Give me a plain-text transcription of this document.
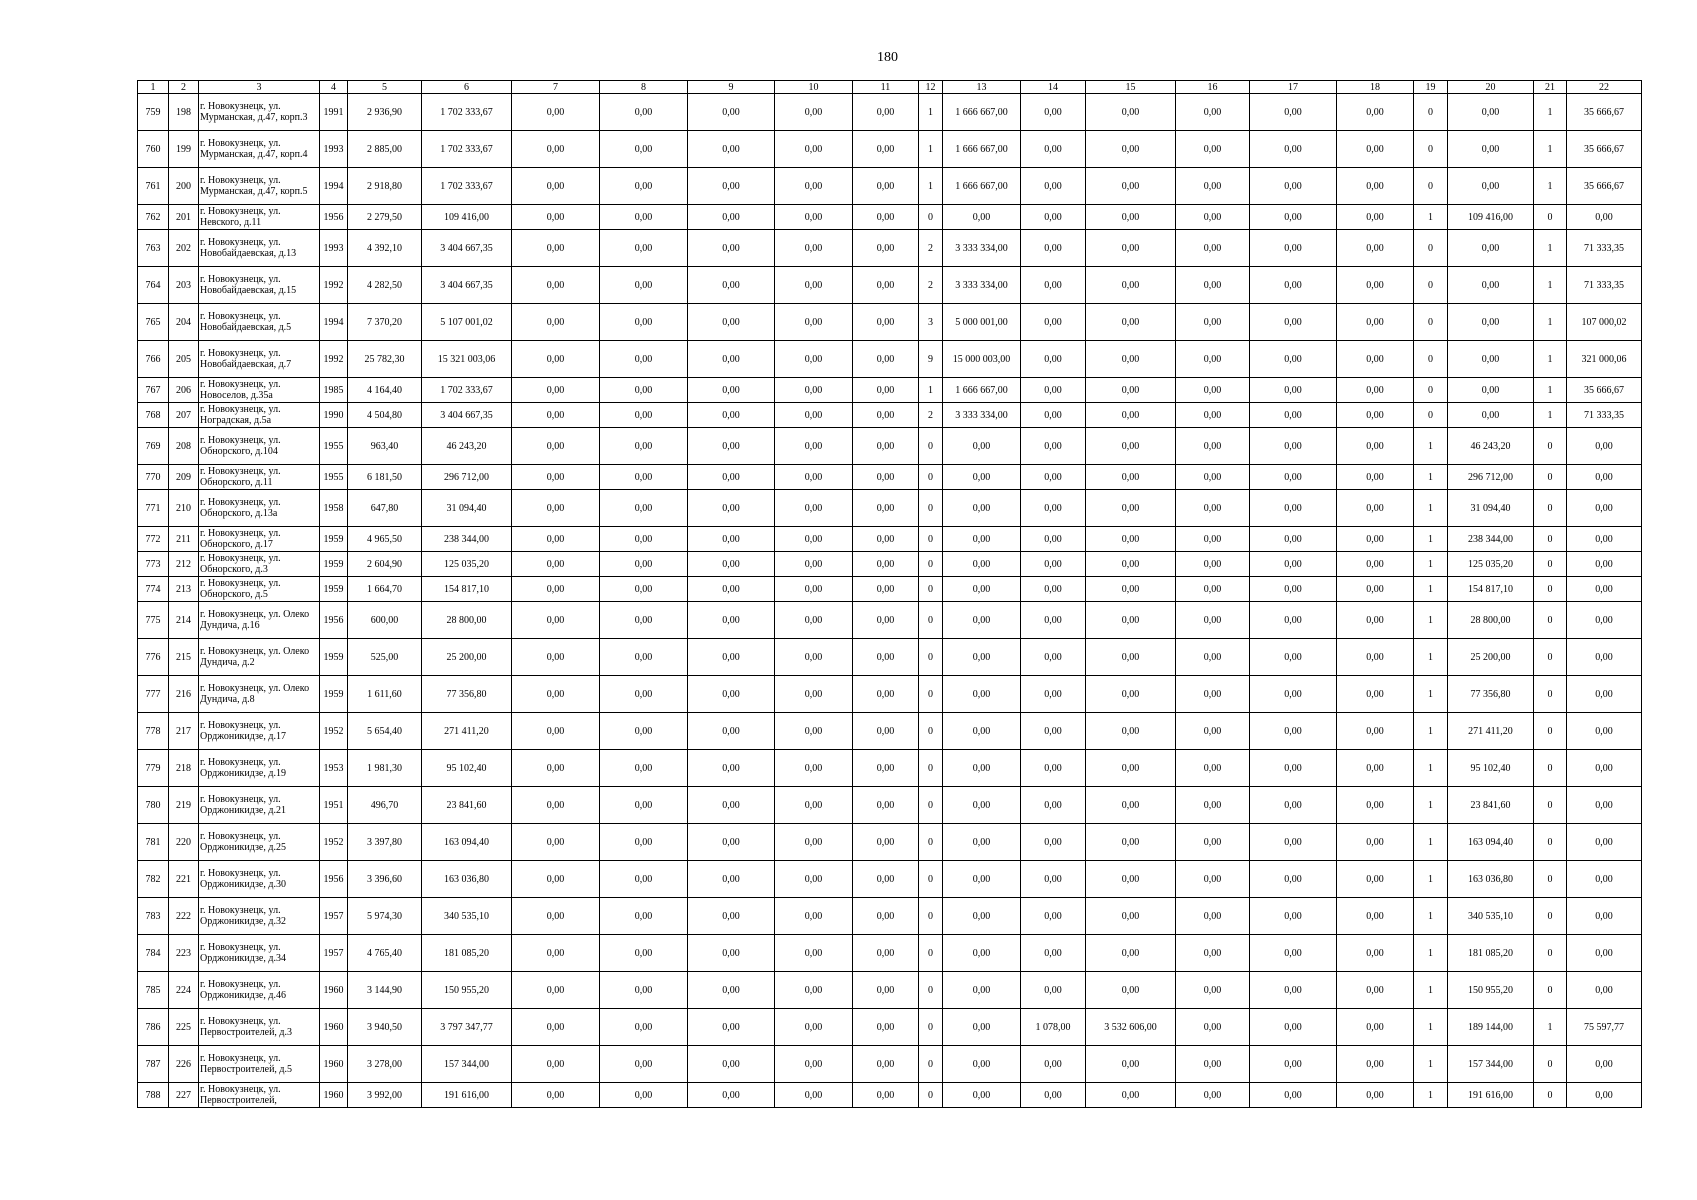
180
1	2	3	4	5	6	7	8	9	10	11	12	13	14	15	16	17	18	19	20	21	22
759	198	г. Новокузнецк, ул. Мурманская, д.47, корп.3	1991	2 936,90	1 702 333,67	0,00	0,00	0,00	0,00	0,00	1	1 666 667,00	0,00	0,00	0,00	0,00	0,00	0	0,00	1	35 666,67
760	199	г. Новокузнецк, ул. Мурманская, д.47, корп.4	1993	2 885,00	1 702 333,67	0,00	0,00	0,00	0,00	0,00	1	1 666 667,00	0,00	0,00	0,00	0,00	0,00	0	0,00	1	35 666,67
761	200	г. Новокузнецк, ул. Мурманская, д.47, корп.5	1994	2 918,80	1 702 333,67	0,00	0,00	0,00	0,00	0,00	1	1 666 667,00	0,00	0,00	0,00	0,00	0,00	0	0,00	1	35 666,67
762	201	г. Новокузнецк, ул. Невского, д.11	1956	2 279,50	109 416,00	0,00	0,00	0,00	0,00	0,00	0	0,00	0,00	0,00	0,00	0,00	0,00	1	109 416,00	0	0,00
763	202	г. Новокузнецк, ул. Новобайдаевская, д.13	1993	4 392,10	3 404 667,35	0,00	0,00	0,00	0,00	0,00	2	3 333 334,00	0,00	0,00	0,00	0,00	0,00	0	0,00	1	71 333,35
764	203	г. Новокузнецк, ул. Новобайдаевская, д.15	1992	4 282,50	3 404 667,35	0,00	0,00	0,00	0,00	0,00	2	3 333 334,00	0,00	0,00	0,00	0,00	0,00	0	0,00	1	71 333,35
765	204	г. Новокузнецк, ул. Новобайдаевская, д.5	1994	7 370,20	5 107 001,02	0,00	0,00	0,00	0,00	0,00	3	5 000 001,00	0,00	0,00	0,00	0,00	0,00	0	0,00	1	107 000,02
766	205	г. Новокузнецк, ул. Новобайдаевская, д.7	1992	25 782,30	15 321 003,06	0,00	0,00	0,00	0,00	0,00	9	15 000 003,00	0,00	0,00	0,00	0,00	0,00	0	0,00	1	321 000,06
767	206	г. Новокузнецк, ул. Новоселов, д.35а	1985	4 164,40	1 702 333,67	0,00	0,00	0,00	0,00	0,00	1	1 666 667,00	0,00	0,00	0,00	0,00	0,00	0	0,00	1	35 666,67
768	207	г. Новокузнецк, ул. Ноградская, д.5а	1990	4 504,80	3 404 667,35	0,00	0,00	0,00	0,00	0,00	2	3 333 334,00	0,00	0,00	0,00	0,00	0,00	0	0,00	1	71 333,35
769	208	г. Новокузнецк, ул. Обнорского, д.104	1955	963,40	46 243,20	0,00	0,00	0,00	0,00	0,00	0	0,00	0,00	0,00	0,00	0,00	0,00	1	46 243,20	0	0,00
770	209	г. Новокузнецк, ул. Обнорского, д.11	1955	6 181,50	296 712,00	0,00	0,00	0,00	0,00	0,00	0	0,00	0,00	0,00	0,00	0,00	0,00	1	296 712,00	0	0,00
771	210	г. Новокузнецк, ул. Обнорского, д.13а	1958	647,80	31 094,40	0,00	0,00	0,00	0,00	0,00	0	0,00	0,00	0,00	0,00	0,00	0,00	1	31 094,40	0	0,00
772	211	г. Новокузнецк, ул. Обнорского, д.17	1959	4 965,50	238 344,00	0,00	0,00	0,00	0,00	0,00	0	0,00	0,00	0,00	0,00	0,00	0,00	1	238 344,00	0	0,00
773	212	г. Новокузнецк, ул. Обнорского, д.3	1959	2 604,90	125 035,20	0,00	0,00	0,00	0,00	0,00	0	0,00	0,00	0,00	0,00	0,00	0,00	1	125 035,20	0	0,00
774	213	г. Новокузнецк, ул. Обнорского, д.5	1959	1 664,70	154 817,10	0,00	0,00	0,00	0,00	0,00	0	0,00	0,00	0,00	0,00	0,00	0,00	1	154 817,10	0	0,00
775	214	г. Новокузнецк, ул. Олеко Дундича, д.16	1956	600,00	28 800,00	0,00	0,00	0,00	0,00	0,00	0	0,00	0,00	0,00	0,00	0,00	0,00	1	28 800,00	0	0,00
776	215	г. Новокузнецк, ул. Олеко Дундича, д.2	1959	525,00	25 200,00	0,00	0,00	0,00	0,00	0,00	0	0,00	0,00	0,00	0,00	0,00	0,00	1	25 200,00	0	0,00
777	216	г. Новокузнецк, ул. Олеко Дундича, д.8	1959	1 611,60	77 356,80	0,00	0,00	0,00	0,00	0,00	0	0,00	0,00	0,00	0,00	0,00	0,00	1	77 356,80	0	0,00
778	217	г. Новокузнецк, ул. Орджоникидзе, д.17	1952	5 654,40	271 411,20	0,00	0,00	0,00	0,00	0,00	0	0,00	0,00	0,00	0,00	0,00	0,00	1	271 411,20	0	0,00
779	218	г. Новокузнецк, ул. Орджоникидзе, д.19	1953	1 981,30	95 102,40	0,00	0,00	0,00	0,00	0,00	0	0,00	0,00	0,00	0,00	0,00	0,00	1	95 102,40	0	0,00
780	219	г. Новокузнецк, ул. Орджоникидзе, д.21	1951	496,70	23 841,60	0,00	0,00	0,00	0,00	0,00	0	0,00	0,00	0,00	0,00	0,00	0,00	1	23 841,60	0	0,00
781	220	г. Новокузнецк, ул. Орджоникидзе, д.25	1952	3 397,80	163 094,40	0,00	0,00	0,00	0,00	0,00	0	0,00	0,00	0,00	0,00	0,00	0,00	1	163 094,40	0	0,00
782	221	г. Новокузнецк, ул. Орджоникидзе, д.30	1956	3 396,60	163 036,80	0,00	0,00	0,00	0,00	0,00	0	0,00	0,00	0,00	0,00	0,00	0,00	1	163 036,80	0	0,00
783	222	г. Новокузнецк, ул. Орджоникидзе, д.32	1957	5 974,30	340 535,10	0,00	0,00	0,00	0,00	0,00	0	0,00	0,00	0,00	0,00	0,00	0,00	1	340 535,10	0	0,00
784	223	г. Новокузнецк, ул. Орджоникидзе, д.34	1957	4 765,40	181 085,20	0,00	0,00	0,00	0,00	0,00	0	0,00	0,00	0,00	0,00	0,00	0,00	1	181 085,20	0	0,00
785	224	г. Новокузнецк, ул. Орджоникидзе, д.46	1960	3 144,90	150 955,20	0,00	0,00	0,00	0,00	0,00	0	0,00	0,00	0,00	0,00	0,00	0,00	1	150 955,20	0	0,00
786	225	г. Новокузнецк, ул. Первостроителей, д.3	1960	3 940,50	3 797 347,77	0,00	0,00	0,00	0,00	0,00	0	0,00	1 078,00	3 532 606,00	0,00	0,00	0,00	1	189 144,00	1	75 597,77
787	226	г. Новокузнецк, ул. Первостроителей, д.5	1960	3 278,00	157 344,00	0,00	0,00	0,00	0,00	0,00	0	0,00	0,00	0,00	0,00	0,00	0,00	1	157 344,00	0	0,00
788	227	г. Новокузнецк, ул. Первостроителей,	1960	3 992,00	191 616,00	0,00	0,00	0,00	0,00	0,00	0	0,00	0,00	0,00	0,00	0,00	0,00	1	191 616,00	0	0,00
